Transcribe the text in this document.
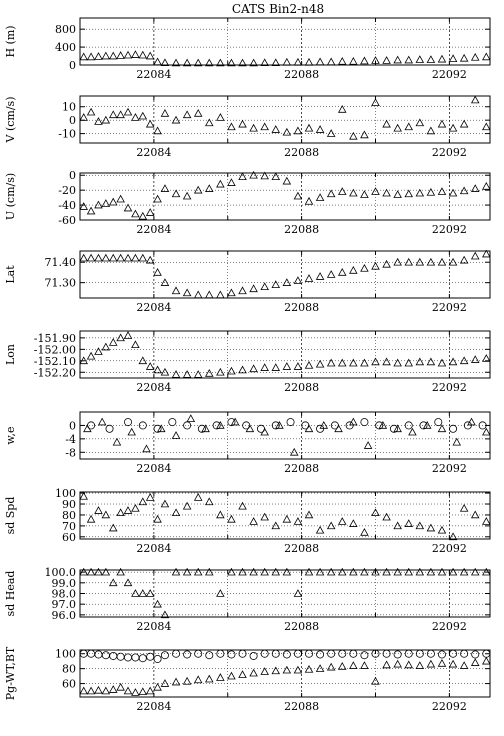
CATS Bin2-n48
0
400
800
22084	22088	22092
H (m)
-10
0
10
22084	22088	22092
V (cm/s)
-60
-40
-20
0
22084	22088	22092
U (cm/s)
71.30
71.40
22084	22088	22092
Lat
-152.20
-152.10
-152.00
-151.90
22084	22088	22092
Lon
-8
-4
0
22084	22088	22092
w,e
60
70
80
90
100
22084	22088	22092
sd Spd
96.0
97.0
98.0
99.0
100.0
22084	22088	22092
sd Head
60
80
100
22084	22088	22092
Pg-WT,BT
